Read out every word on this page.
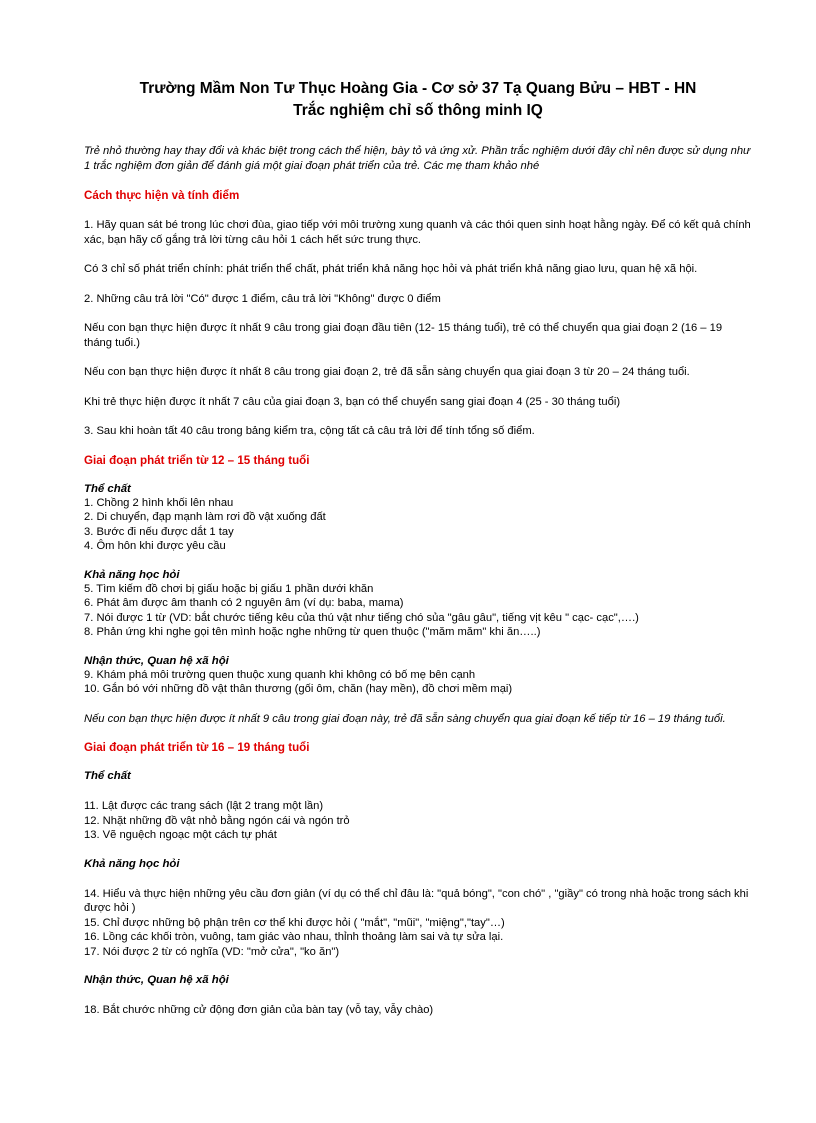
Trường Mầm Non Tư Thục Hoàng Gia - Cơ sở 37 Tạ Quang Bửu – HBT - HN
Trắc nghiệm chỉ số thông minh IQ

Trẻ nhỏ thường hay thay đổi và khác biệt trong cách thể hiện, bày tỏ và ứng xử. Phần trắc nghiệm dưới đây chỉ nên được sử dụng như 1 trắc nghiệm đơn giản để đánh giá một giai đoạn phát triển của trẻ. Các mẹ tham khảo nhé

Cách thực hiện và tính điểm

1. Hãy quan sát bé trong lúc chơi đùa, giao tiếp với môi trường xung quanh và các thói quen sinh hoạt hằng ngày. Để có kết quả chính xác, bạn hãy cố gắng trả lời từng câu hỏi 1 cách hết sức trung thực.

Có 3 chỉ số phát triển chính: phát triển thể chất, phát triển khả năng học hỏi và phát triển khả năng giao lưu, quan hệ xã hội.

2. Những câu trả lời "Có" được 1 điểm, câu trả lời "Không" được 0 điểm

Nếu con bạn thực hiện được ít nhất 9 câu trong giai đoạn đầu tiên (12- 15 tháng tuổi), trẻ có thể chuyển qua giai đoạn 2 (16 – 19 tháng tuổi.)

Nếu con bạn thực hiện được ít nhất 8 câu trong giai đoạn 2, trẻ đã sẵn sàng chuyển qua giai đoạn 3 từ 20 – 24 tháng tuổi.

Khi trẻ thực hiện được ít nhất 7 câu của giai đoạn 3, bạn có thể chuyển sang giai đoạn 4 (25 - 30 tháng tuổi)

3. Sau khi hoàn tất 40 câu trong bảng kiểm tra, cộng tất cả câu trả lời để tính tổng số điểm.

Giai đoạn phát triển từ 12 – 15 tháng tuổi

Thể chất

1. Chồng 2 hình khối lên nhau
2. Di chuyển, đạp mạnh làm rơi đồ vật xuống đất
3. Bước đi nếu được dắt 1 tay
4. Ôm hôn khi được yêu cầu

Khả năng học hỏi

5. Tìm kiếm đồ chơi bị giấu hoặc bị giấu 1 phần dưới khăn
6. Phát âm được âm thanh có 2 nguyên âm (ví dụ: baba, mama)
7. Nói được 1 từ (VD: bắt chước tiếng kêu của thú vật như tiếng chó sủa "gâu gâu", tiếng vịt kêu " cạc- cạc",….)
8. Phản ứng khi nghe gọi tên mình hoặc nghe những từ quen thuộc ("măm măm" khi ăn…..)

Nhận thức, Quan hệ xã hội

9. Khám phá môi trường quen thuộc xung quanh khi không có bố mẹ bên cạnh
10. Gắn bó với những đồ vật thân thương (gối ôm, chăn (hay mền), đồ chơi mềm mại)

Nếu con bạn thực hiện được ít nhất 9 câu trong giai đoạn này, trẻ đã sẵn sàng chuyển qua giai đoạn kế tiếp từ 16 – 19 tháng tuổi.

Giai đoạn phát triển từ 16 – 19 tháng tuổi

Thể chất

11. Lật được các trang sách (lật 2 trang một lần)
12. Nhặt những đồ vật nhỏ bằng ngón cái và ngón trỏ
13. Vẽ nguệch ngoạc một cách tự phát

Khả năng học hỏi

14. Hiểu và thực hiện những yêu cầu đơn giản (ví dụ có thể chỉ đâu là: "quả bóng", "con chó" , "giầy" có trong nhà hoặc trong sách khi được hỏi )
15. Chỉ được những bộ phận trên cơ thể khi được hỏi ( "mắt", "mũi", "miệng","tay"…)
16. Lồng các khối tròn, vuông, tam giác vào nhau, thỉnh thoảng làm sai và tự sửa lại.
17. Nói được 2 từ có nghĩa (VD: "mở cửa", "ko ăn")

Nhận thức, Quan hệ xã hội

18. Bắt chước những cử động đơn giản của bàn tay (vỗ tay, vẫy chào)
